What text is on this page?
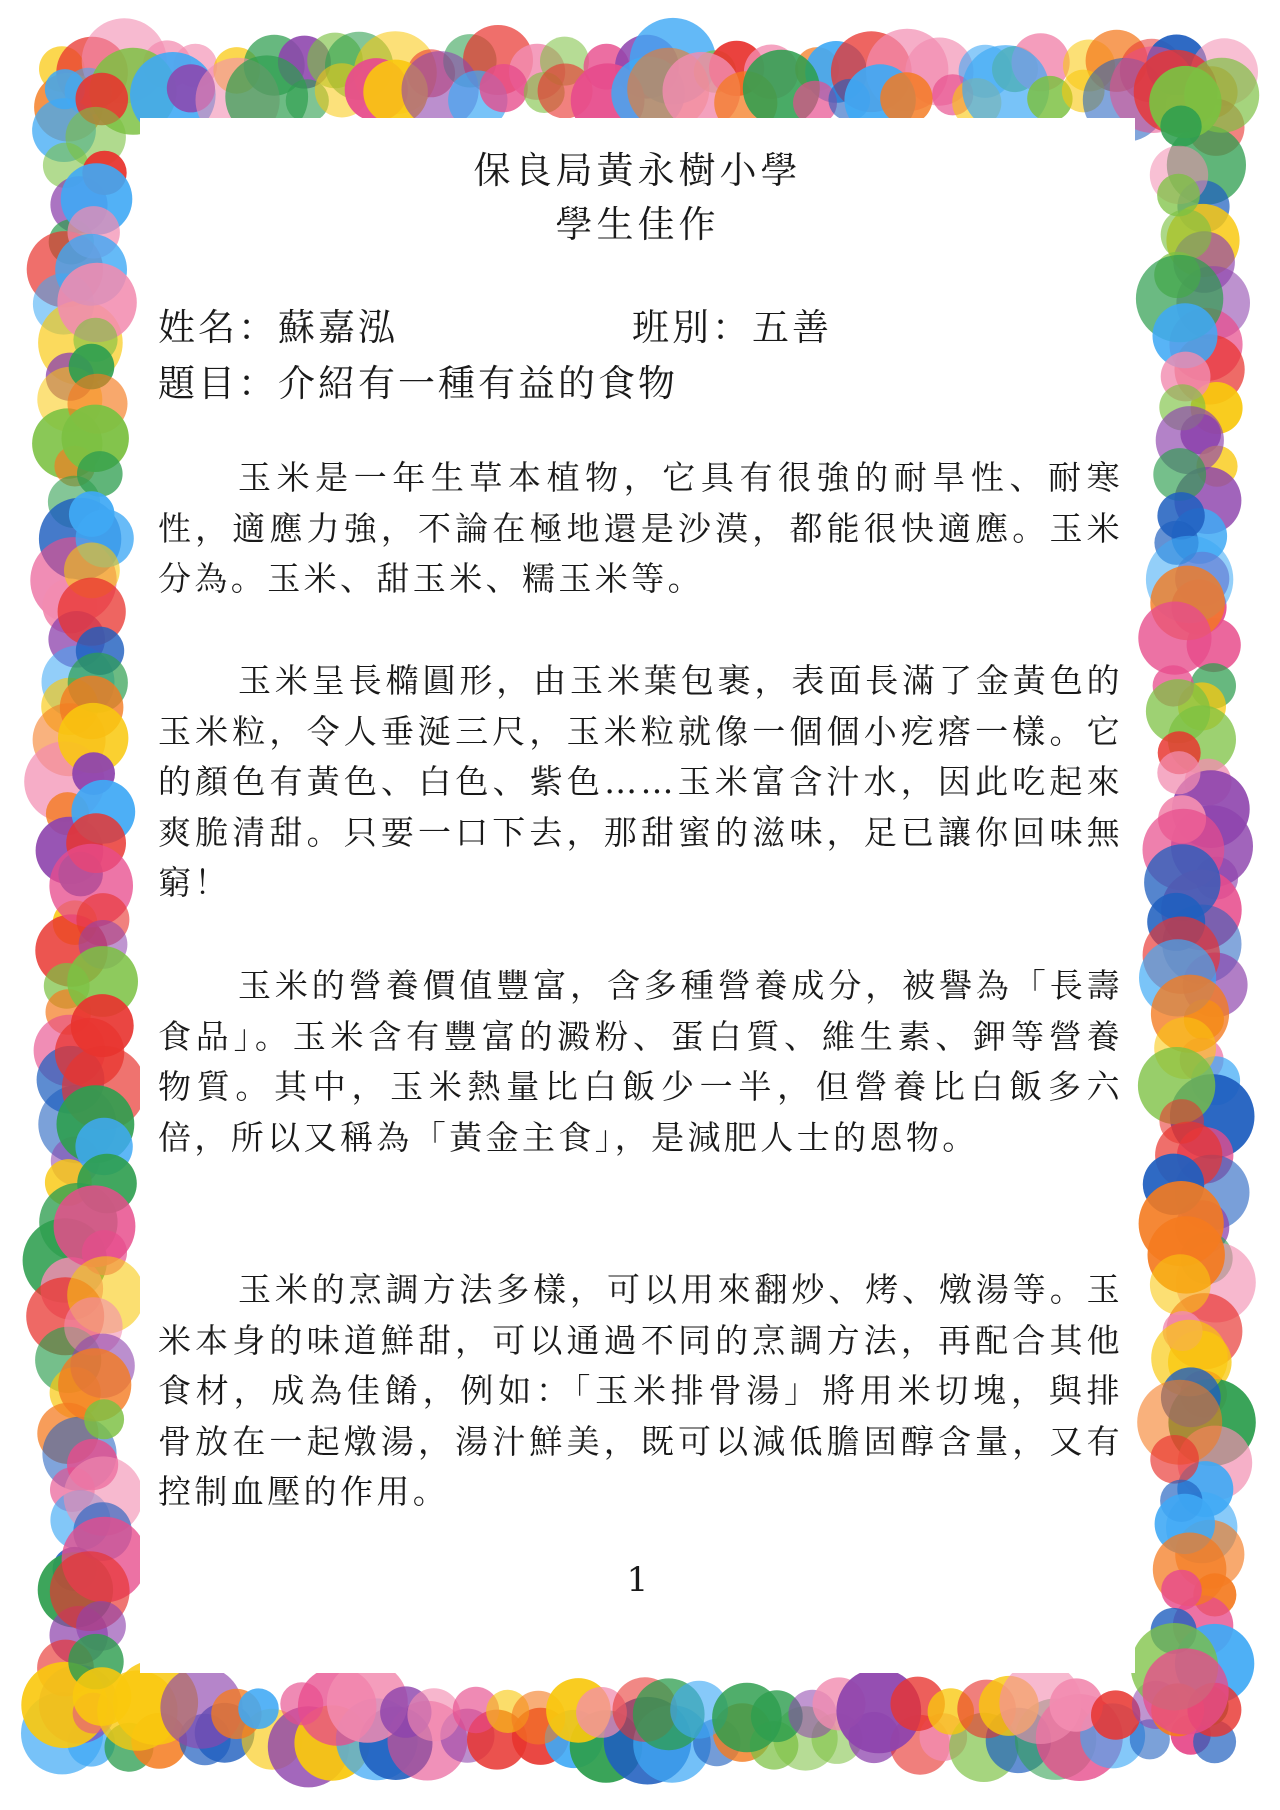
保良局黃永樹小學
學生佳作
姓名：蘇嘉泓	班別：五善
題目：介紹有一種有益的食物

玉米是一年生草本植物，它具有很強的耐旱性、耐寒性，適應力強，不論在極地還是沙漠，都能很快適應。玉米分為。玉米、甜玉米、糯玉米等。

玉米呈長橢圓形，由玉米葉包裹，表面長滿了金黃色的玉米粒，令人垂涎三尺，玉米粒就像一個個小疙瘩一樣。它的顏色有黃色、白色、紫色……玉米富含汁水，因此吃起來爽脆清甜。只要一口下去，那甜蜜的滋味，足已讓你回味無窮！

玉米的營養價值豐富，含多種營養成分，被譽為「長壽食品」。玉米含有豐富的澱粉、蛋白質、維生素、鉀等營養物質。其中，玉米熱量比白飯少一半，但營養比白飯多六倍，所以又稱為「黃金主食」，是減肥人士的恩物。

玉米的烹調方法多樣，可以用來翻炒、烤、燉湯等。玉米本身的味道鮮甜，可以通過不同的烹調方法，再配合其他食材，成為佳餚，例如：「玉米排骨湯」將用米切塊，與排骨放在一起燉湯，湯汁鮮美，既可以減低膽固醇含量，又有控制血壓的作用。

1
